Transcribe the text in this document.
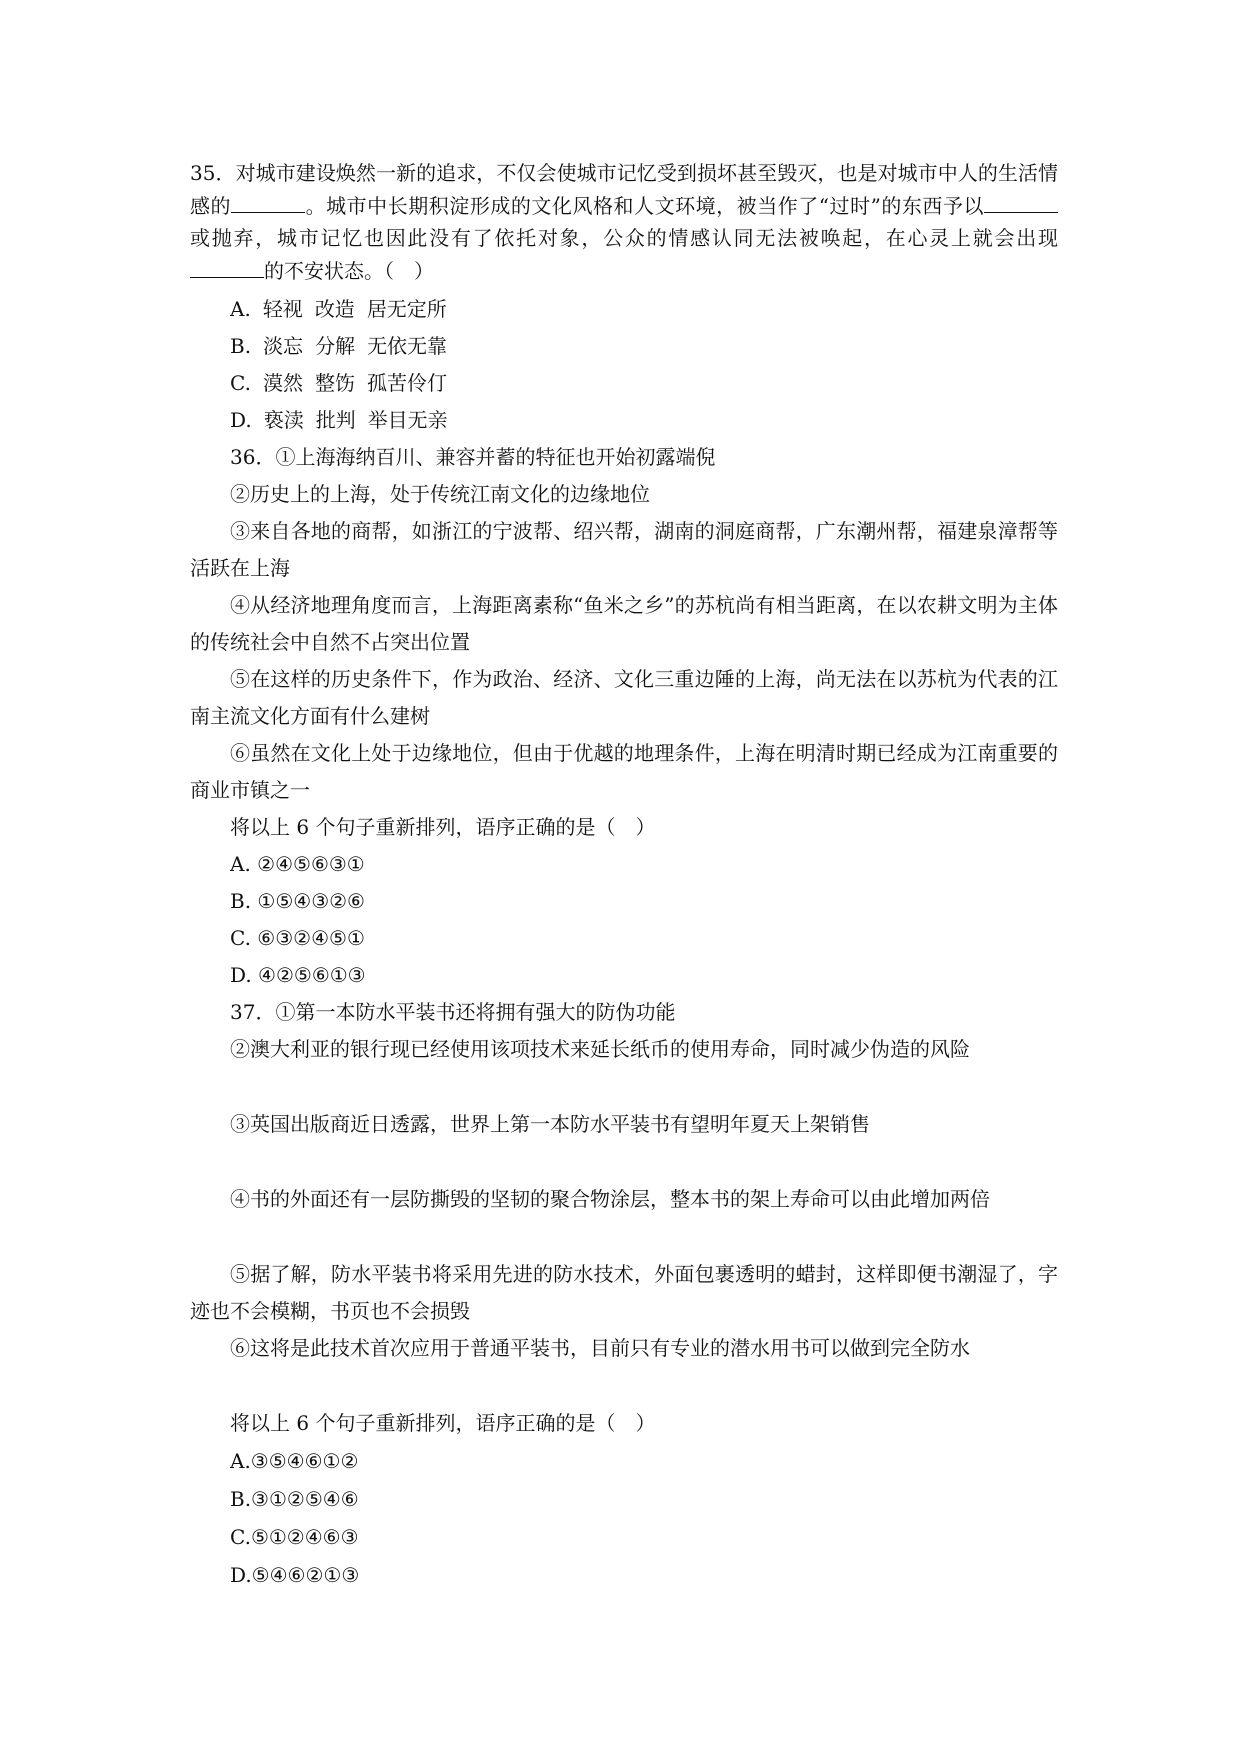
35．对城市建设焕然一新的追求，不仅会使城市记忆受到损坏甚至毁灭，也是对城市中人的生活情感的	。城市中长期积淀形成的文化风格和人文环境，被当作了“过时”的东西予以或抛弃，城市记忆也因此没有了依托对象，公众的情感认同无法被唤起，在心灵上就会出现的不安状态。（　）

A. 轻视 改造 居无定所
B. 淡忘 分解 无依无靠
C. 漠然 整饬 孤苦伶仃
D. 亵渎 批判 举目无亲

36．①上海海纳百川、兼容并蓄的特征也开始初露端倪

②历史上的上海，处于传统江南文化的边缘地位

③来自各地的商帮，如浙江的宁波帮、绍兴帮，湖南的洞庭商帮，广东潮州帮，福建泉漳帮等活跃在上海

④从经济地理角度而言，上海距离素称“鱼米之乡”的苏杭尚有相当距离，在以农耕文明为主体的传统社会中自然不占突出位置

⑤在这样的历史条件下，作为政治、经济、文化三重边陲的上海，尚无法在以苏杭为代表的江南主流文化方面有什么建树

⑥虽然在文化上处于边缘地位，但由于优越的地理条件，上海在明清时期已经成为江南重要的商业市镇之一

将以上 6 个句子重新排列，语序正确的是（　）

A. ②④⑤⑥③①
B. ①⑤④③②⑥
C. ⑥③②④⑤①
D. ④②⑤⑥①③

37．①第一本防水平装书还将拥有强大的防伪功能

②澳大利亚的银行现已经使用该项技术来延长纸币的使用寿命，同时减少伪造的风险

③英国出版商近日透露，世界上第一本防水平装书有望明年夏天上架销售

④书的外面还有一层防撕毁的坚韧的聚合物涂层，整本书的架上寿命可以由此增加两倍

⑤据了解，防水平装书将采用先进的防水技术，外面包裹透明的蜡封，这样即便书潮湿了，字迹也不会模糊，书页也不会损毁

⑥这将是此技术首次应用于普通平装书，目前只有专业的潜水用书可以做到完全防水

将以上 6 个句子重新排列，语序正确的是（　）

A.③⑤④⑥①②
B.③①②⑤④⑥
C.⑤①②④⑥③
D.⑤④⑥②①③
